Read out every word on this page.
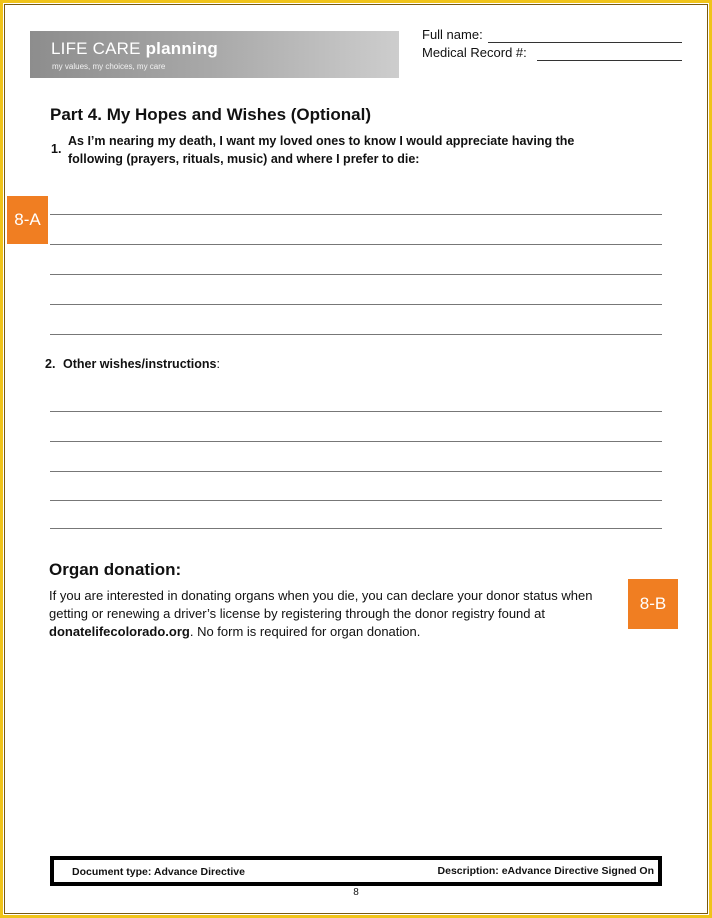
LIFE CARE planning
my values, my choices, my care
Full name:
Medical Record #:
Part 4. My Hopes and Wishes (Optional)
1.
As I’m nearing my death, I want my loved ones to know I would appreciate having the
following (prayers, rituals, music) and where I prefer to die:
8-A
2. Other wishes/instructions:
Organ donation:
If you are interested in donating organs when you die, you can declare your donor status when
getting or renewing a driver’s license by registering through the donor registry found at
donatelifecolorado.org. No form is required for organ donation.
8-B
Document type: Advance Directive	Description: eAdvance Directive Signed On
8
